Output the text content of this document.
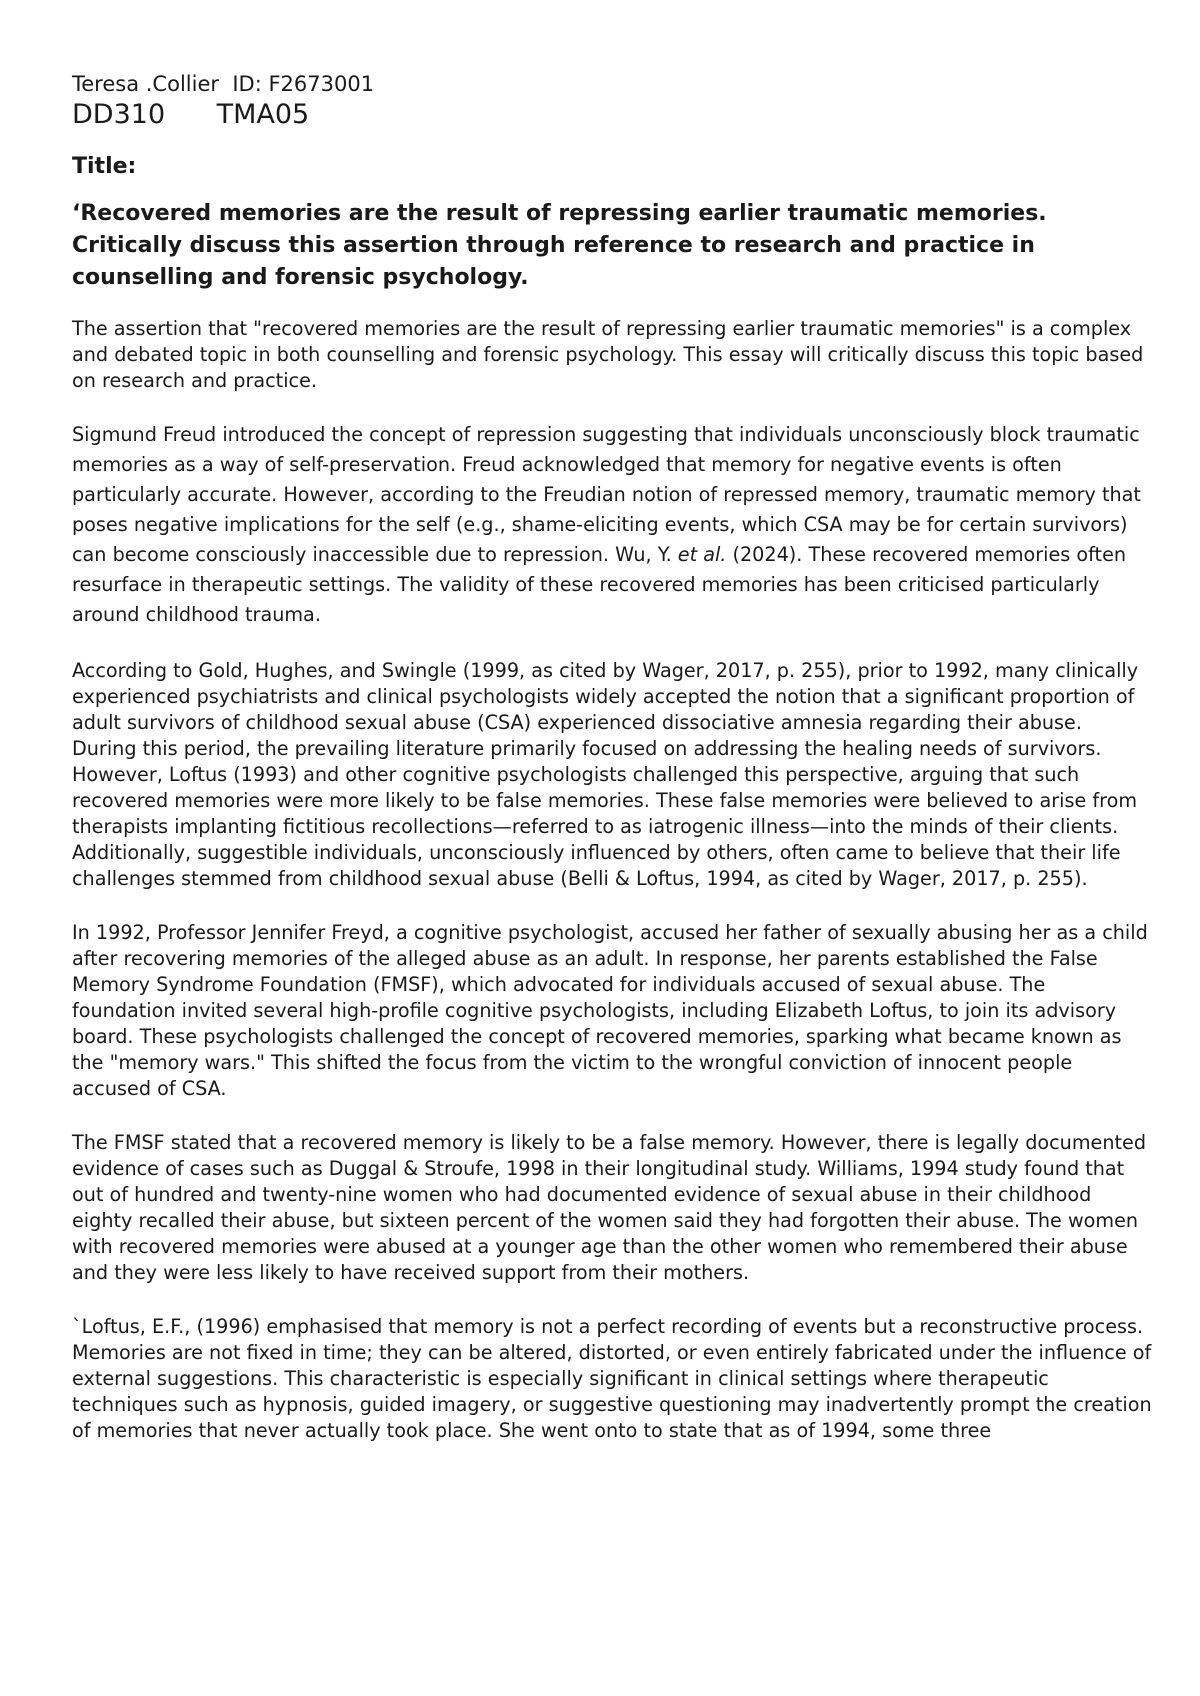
Teresa .Collier  ID: F2673001

DD310      TMA05

Title:

‘Recovered memories are the result of repressing earlier traumatic memories. Critically discuss this assertion through reference to research and practice in counselling and forensic psychology.

The assertion that "recovered memories are the result of repressing earlier traumatic memories" is a complex and debated topic in both counselling and forensic psychology. This essay will critically discuss this topic based on research and practice.

Sigmund Freud introduced the concept of repression suggesting that individuals unconsciously block traumatic memories as a way of self-preservation. Freud acknowledged that memory for negative events is often particularly accurate. However, according to the Freudian notion of repressed memory, traumatic memory that poses negative implications for the self (e.g., shame-eliciting events, which CSA may be for certain survivors) can become consciously inaccessible due to repression. Wu, Y. et al. (2024). These recovered memories often resurface in therapeutic settings. The validity of these recovered memories has been criticised particularly around childhood trauma.

According to Gold, Hughes, and Swingle (1999, as cited by Wager, 2017, p. 255), prior to 1992, many clinically experienced psychiatrists and clinical psychologists widely accepted the notion that a significant proportion of adult survivors of childhood sexual abuse (CSA) experienced dissociative amnesia regarding their abuse. During this period, the prevailing literature primarily focused on addressing the healing needs of survivors. However, Loftus (1993) and other cognitive psychologists challenged this perspective, arguing that such recovered memories were more likely to be false memories. These false memories were believed to arise from therapists implanting fictitious recollections—referred to as iatrogenic illness—into the minds of their clients. Additionally, suggestible individuals, unconsciously influenced by others, often came to believe that their life challenges stemmed from childhood sexual abuse (Belli & Loftus, 1994, as cited by Wager, 2017, p. 255).

In 1992, Professor Jennifer Freyd, a cognitive psychologist, accused her father of sexually abusing her as a child after recovering memories of the alleged abuse as an adult. In response, her parents established the False Memory Syndrome Foundation (FMSF), which advocated for individuals accused of sexual abuse. The foundation invited several high-profile cognitive psychologists, including Elizabeth Loftus, to join its advisory board. These psychologists challenged the concept of recovered memories, sparking what became known as the "memory wars." This shifted the focus from the victim to the wrongful conviction of innocent people accused of CSA.

The FMSF stated that a recovered memory is likely to be a false memory. However, there is legally documented evidence of cases such as Duggal & Stroufe, 1998 in their longitudinal study. Williams, 1994 study found that out of hundred and twenty-nine women who had documented evidence of sexual abuse in their childhood eighty recalled their abuse, but sixteen percent of the women said they had forgotten their abuse. The women with recovered memories were abused at a younger age than the other women who remembered their abuse and they were less likely to have received support from their mothers.

`Loftus, E.F., (1996) emphasised that memory is not a perfect recording of events but a reconstructive process. Memories are not fixed in time; they can be altered, distorted, or even entirely fabricated under the influence of external suggestions. This characteristic is especially significant in clinical settings where therapeutic techniques such as hypnosis, guided imagery, or suggestive questioning may inadvertently prompt the creation of memories that never actually took place. She went onto to state that as of 1994, some three
